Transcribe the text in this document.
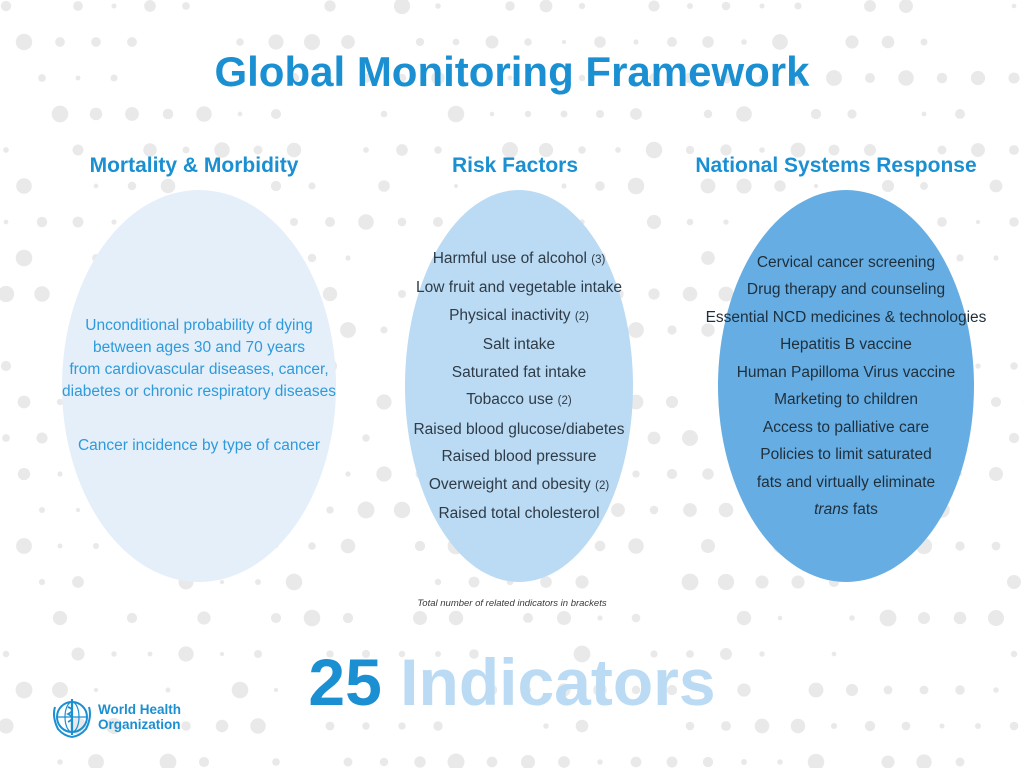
Global Monitoring Framework
Mortality & Morbidity	Risk Factors	National Systems Response
Unconditional probability of dying
between ages 30 and 70 years
from cardiovascular diseases, cancer,
diabetes or chronic respiratory diseases
Cancer incidence by type of cancer
Harmful use of alcohol (3)
Low fruit and vegetable intake
Physical inactivity (2)
Salt intake
Saturated fat intake
Tobacco use (2)
Raised blood glucose/diabetes
Raised blood pressure
Overweight and obesity (2)
Raised total cholesterol
Cervical cancer screening
Drug therapy and counseling
Essential NCD medicines & technologies
Hepatitis B vaccine
Human Papilloma Virus vaccine
Marketing to children
Access to palliative care
Policies to limit saturated
fats and virtually eliminate
trans fats
Total number of related indicators in brackets
25 Indicators
World Health
Organization
